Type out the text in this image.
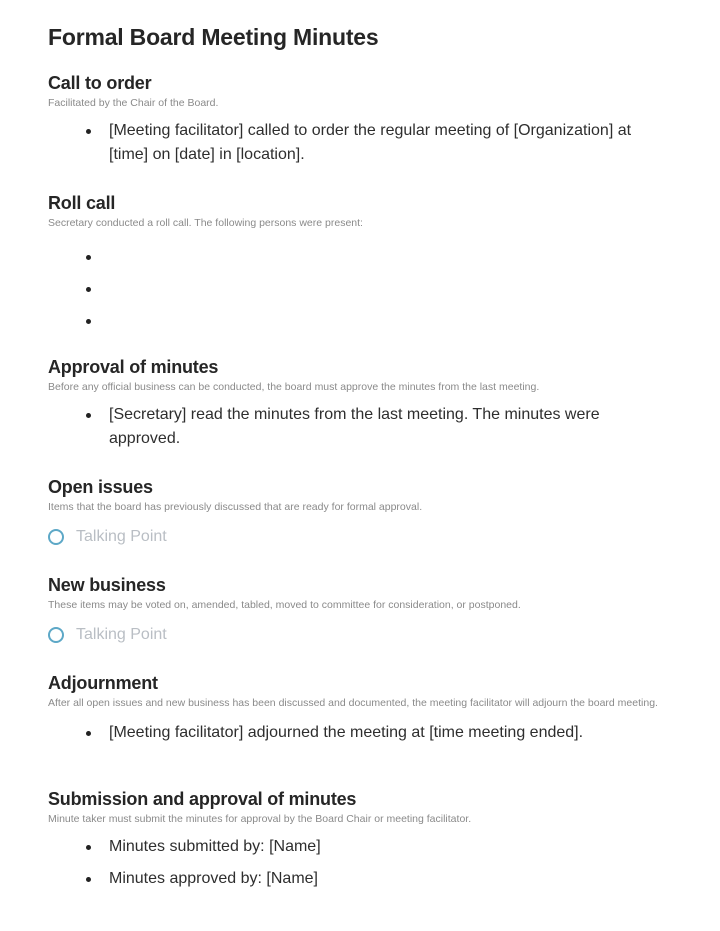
Formal Board Meeting Minutes
Call to order

Facilitated by the Chair of the Board.

[Meeting facilitator] called to order the regular meeting of [Organization] at [time] on [date] in [location].
Roll call

Secretary conducted a roll call. The following persons were present:

Approval of minutes

Before any official business can be conducted, the board must approve the minutes from the last meeting.

[Secretary] read the minutes from the last meeting. The minutes were approved.
Open issues

Items that the board has previously discussed that are ready for formal approval.

Talking Point
New business

These items may be voted on, amended, tabled, moved to committee for consideration, or postponed.

Talking Point
Adjournment

After all open issues and new business has been discussed and documented, the meeting facilitator will adjourn the board meeting.

[Meeting facilitator] adjourned the meeting at [time meeting ended].
Submission and approval of minutes

Minute taker must submit the minutes for approval by the Board Chair or meeting facilitator.

Minutes submitted by: [Name]
Minutes approved by: [Name]
